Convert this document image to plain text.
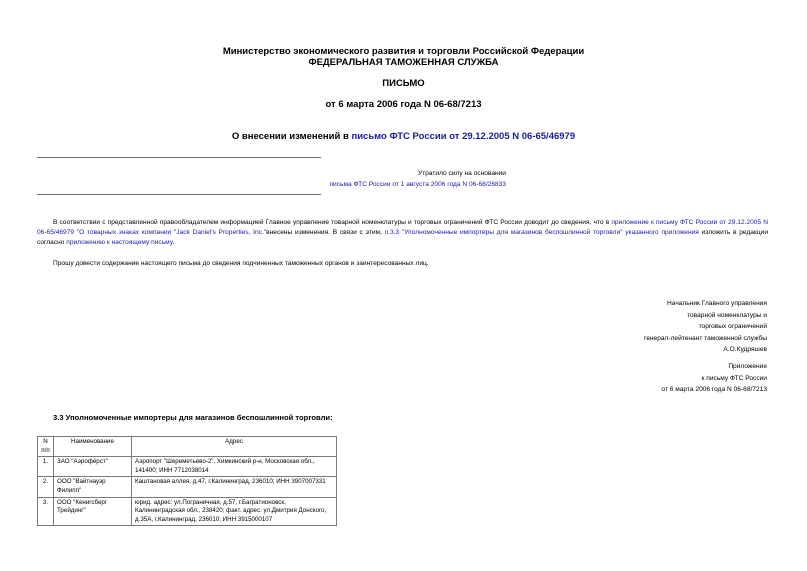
Министерство экономического развития и торговли Российской Федерации
ФЕДЕРАЛЬНАЯ ТАМОЖЕННАЯ СЛУЖБА
ПИСЬМО
от 6 марта 2006 года N 06-68/7213
О внесении изменений в письмо ФТС России от 29.12.2005 N 06-65/46979
Утратило силу на основании
письма ФТС России от 1 августа 2006 года N 06-68/26833
В соответствии с представленной правообладателем информацией Главное управление товарной номенклатуры и торговых ограничений ФТС России доводит до сведения, что в приложение к письму ФТС России от 29.12.2005 N 06-65/46979 "О товарных знаках компании "Jack Daniel's Properties, Inc."внесены изменения. В связи с этим, п.3.3 "Уполномоченные импортеры для магазинов беспошлинной торговли" указанного приложения изложить в редакции согласно приложению к настоящему письму.
Прошу довести содержание настоящего письма до сведения подчиненных таможенных органов и заинтересованных лиц.
Начальник Главного управления
товарной номенклатуры и
торговых ограничений
генерал-лейтенант таможенной службы
А.О.Кудряшев
Приложение
к письму ФТС России
от 6 марта 2006 года N 06-68/7213
3.3 Уполномоченные импортеры для магазинов беспошлинной торговли:
N
п/п	Наименование	Адрес
1.	ЗАО "Аэрофёрст"	Аэропорт "Шереметьево-2", Химкинский р-н, Московская обл., 141400; ИНН 7712038014
2.	ООО "Вайтнауэр Филипп"	Каштановая аллея, д.47, г.Калининград, 236010; ИНН 3907007331
3.	ООО "Кенигсберг Трейдинг"	юрид. адрес: ул.Пограничная, д.57, г.Багратионовск, Калининградская обл., 238420; факт. адрес: ул.Дмитрия Донского, д.35А, г.Калининград, 236010; ИНН 3915000107
